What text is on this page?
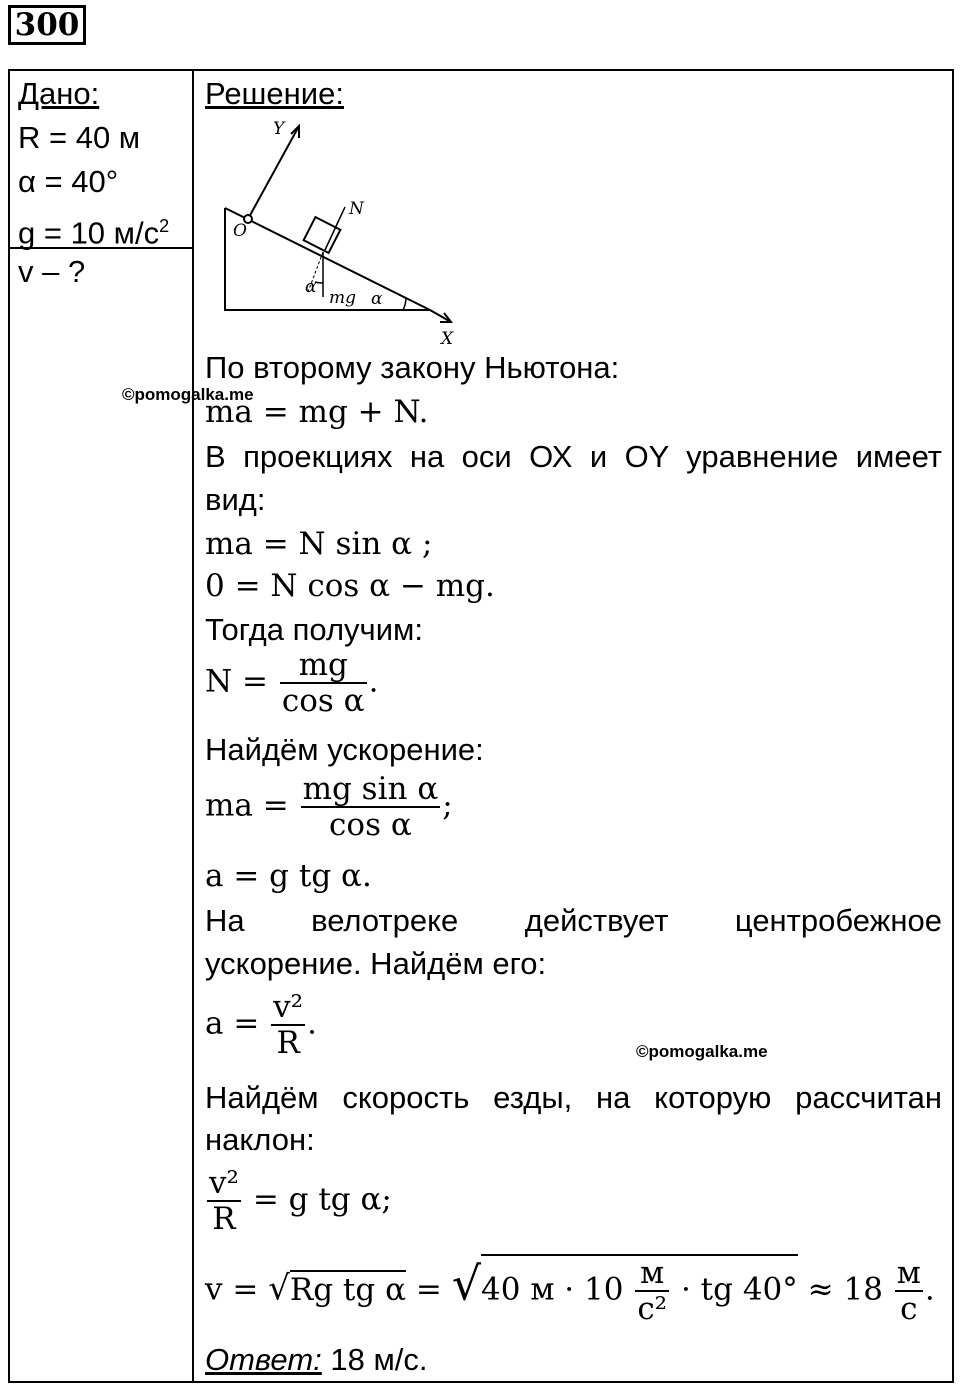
300
Дано:
R = 40 м
α = 40°
g = 10 $м/с^2$
v – ?
Решение:
Y
X
O
N
mg
α
α
©pomogalka.me
©pomogalka.me
По второму закону Ньютона:
ma = mg + N.
В проекциях на оси ОХ и ОY уравнение имеет
вид:
ma = N sin α ;
0 = N cos α − mg.
Тогда получим:
$N = \frac{mg}{\text{cos α}}$ .
Найдём ускорение:
ma = $\frac{\text{mg sin α}}{\text{cos α}}$ ;
a = g tg α.
На велотреке действует центробежное
ускорение. Найдём его:
$a = \frac{\text{v²}}{R}$ .
Найдём скорость езды, на которую рассчитан
наклон:
$\frac{\text{v²}}{R} = g$ tg α;
v = √Rg tg α = √40 $м \cdot 10 \frac{м}{\text{с²}}$ · tg $40^\circ \approx 18 \frac{м}{с}$ .
Ответ: 18 м/с.
